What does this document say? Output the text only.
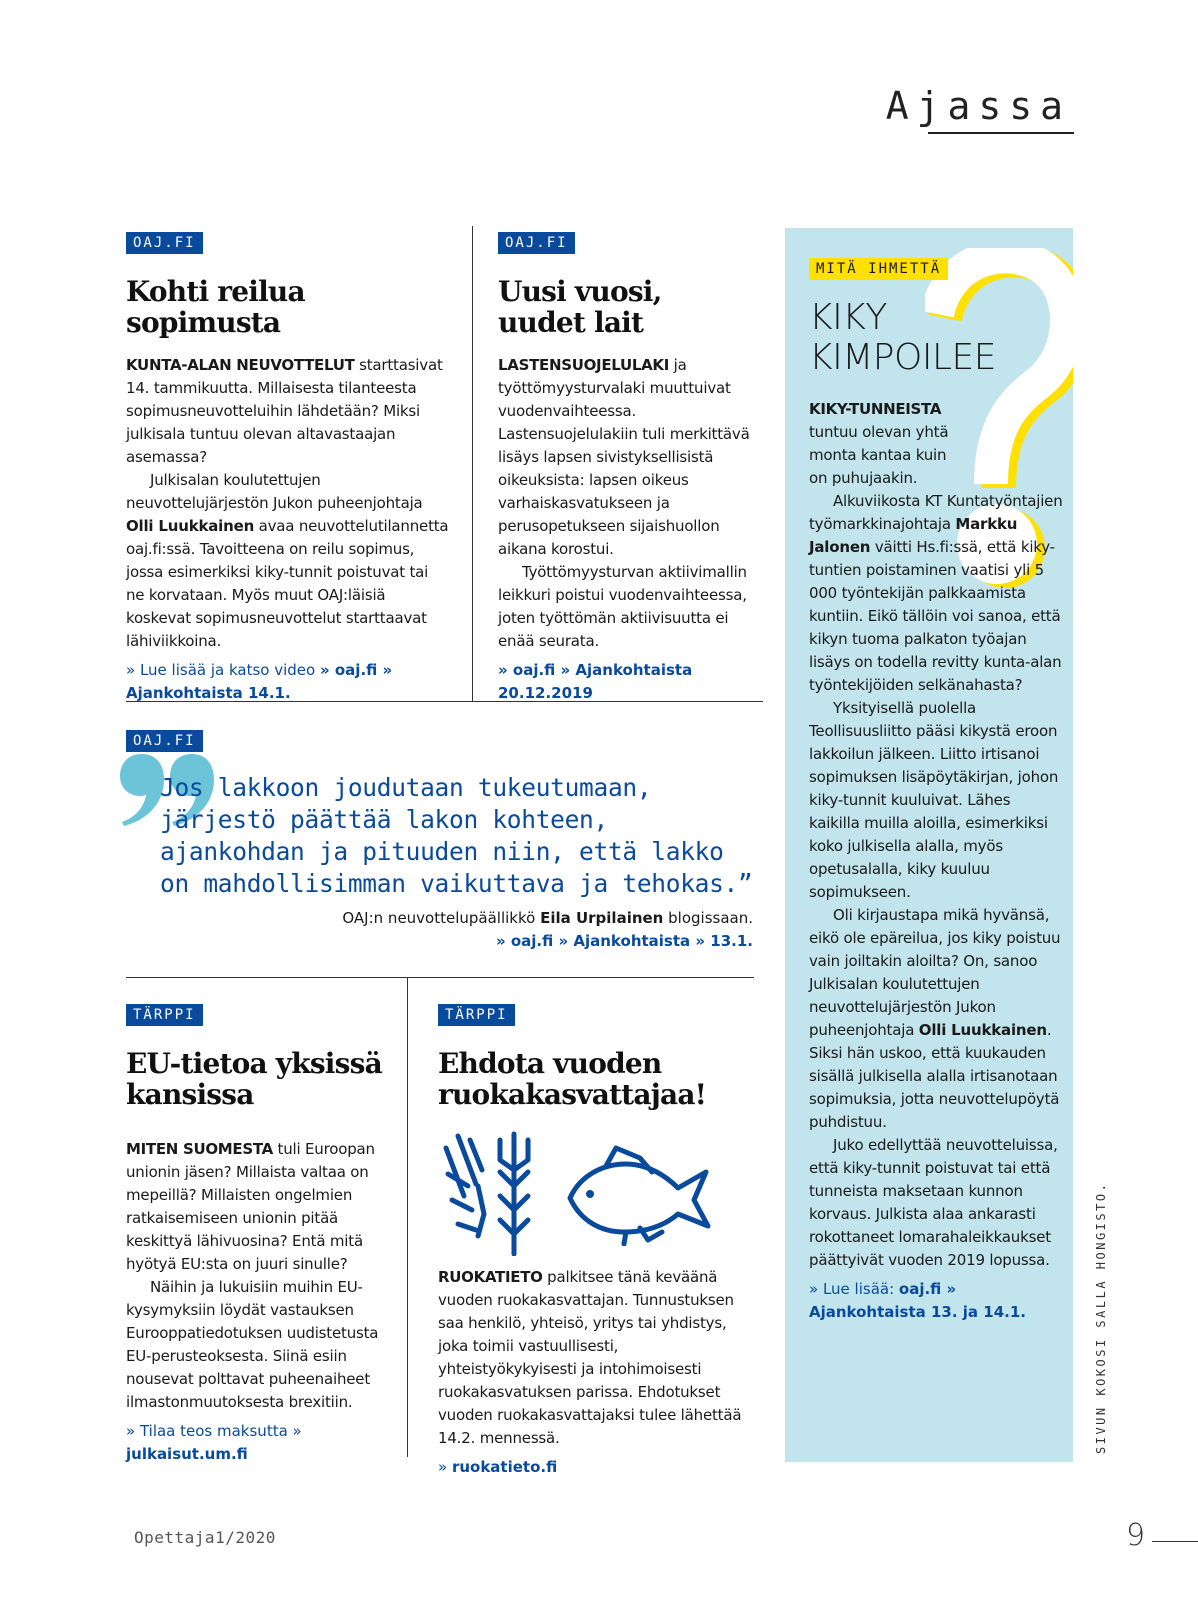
Ajassa
OAJ.FI
Kohti reilua
sopimusta

KUNTA-ALAN NEUVOTTELUT starttasivat 14. tammikuutta. Millaisesta tilanteesta sopimusneuvotteluihin lähdetään? Miksi julkisala tuntuu olevan altavastaajan asemassa?

Julkisalan koulutettujen neuvottelujärjestön Jukon puheenjohtaja Olli Luukkainen avaa neuvottelutilannetta oaj.fi:ssä. Tavoitteena on reilu sopimus, jossa esimerkiksi kiky-tunnit poistuvat tai ne korvataan. Myös muut OAJ:läisiä koskevat sopimusneuvottelut starttaavat lähiviikkoina.

» Lue lisää ja katso video » oaj.fi » Ajankohtaista 14.1.
OAJ.FI
Uusi vuosi,
uudet lait

LASTENSUOJELULAKI ja työttömyysturvalaki muuttuivat vuodenvaihteessa. Lastensuojelulakiin tuli merkittävä lisäys lapsen sivistyksellisistä oikeuksista: lapsen oikeus varhaiskasvatukseen ja perusopetukseen sijaishuollon aikana korostui.

Työttömyysturvan aktiivimallin leikkuri poistui vuodenvaihteessa, joten työttömän aktiivisuutta ei enää seurata.

» oaj.fi » Ajankohtaista 20.12.2019
OAJ.FI
Jos lakkoon joudutaan tukeutumaan, järjestö päättää lakon kohteen, ajankohdan ja pituuden niin, että lakko on mahdollisimman vaikuttava ja tehokas.”
OAJ:n neuvottelupäällikkö Eila Urpilainen blogissaan.
» oaj.fi » Ajankohtaista » 13.1.
TÄRPPI
EU-tietoa yksissä
kansissa

MITEN SUOMESTA tuli Euroopan unionin jäsen? Millaista valtaa on mepeillä? Millaisten ongelmien ratkaisemiseen unionin pitää keskittyä lähivuosina? Entä mitä hyötyä EU:sta on juuri sinulle?

Näihin ja lukuisiin muihin EU-kysymyksiin löydät vastauksen Eurooppatiedotuksen uudistetusta EU-perusteoksesta. Siinä esiin nousevat polttavat puheenaiheet ilmastonmuutoksesta brexitiin.

» Tilaa teos maksutta » julkaisut.um.fi
TÄRPPI
Ehdota vuoden
ruokakasvattajaa!

RUOKATIETO palkitsee tänä keväänä vuoden ruokakasvattajan. Tunnustuksen saa henkilö, yhteisö, yritys tai yhdistys, joka toimii vastuullisesti, yhteistyökykyisesti ja intohimoisesti ruokakasvatuksen parissa. Ehdotukset vuoden ruokakasvattajaksi tulee lähettää 14.2. mennessä.

» ruokatieto.fi
MITÄ IHMETTÄ
KIKY
KIMPOILEE

KIKY-TUNNEISTA tuntuu olevan yhtä monta kantaa kuin on puhujaakin.

Alkuviikosta KT Kuntatyöntajien työmarkkinajohtaja Markku Jalonen väitti Hs.fi:ssä, että kiky-tuntien poistaminen vaatisi yli 5 000 työntekijän palkkaamista kuntiin. Eikö tällöin voi sanoa, että kikyn tuoma palkaton työajan lisäys on todella revitty kunta-alan työntekijöiden selkänahasta?

Yksityisellä puolella Teollisuusliitto pääsi kikystä eroon lakkoilun jälkeen. Liitto irtisanoi sopimuksen lisäpöytäkirjan, johon kiky-tunnit kuuluivat. Lähes kaikilla muilla aloilla, esimerkiksi koko julkisella alalla, myös opetusalalla, kiky kuuluu sopimukseen.

Oli kirjaustapa mikä hyvänsä, eikö ole epäreilua, jos kiky poistuu vain joiltakin aloilta? On, sanoo Julkisalan koulutettujen neuvottelujärjestön Jukon puheenjohtaja Olli Luukkainen. Siksi hän uskoo, että kuukauden sisällä julkisella alalla irtisanotaan sopimuksia, jotta neuvottelupöytä puhdistuu.

Juko edellyttää neuvotteluissa, että kiky-tunnit poistuvat tai että tunneista maksetaan kunnon korvaus. Julkista alaa ankarasti rokottaneet lomarahaleikkaukset päättyivät vuoden 2019 lopussa.

» Lue lisää: oaj.fi » Ajankohtaista 13. ja 14.1.	SIVUN KOKOSI SALLA HONGISTO.
Opettaja1/2020	9
